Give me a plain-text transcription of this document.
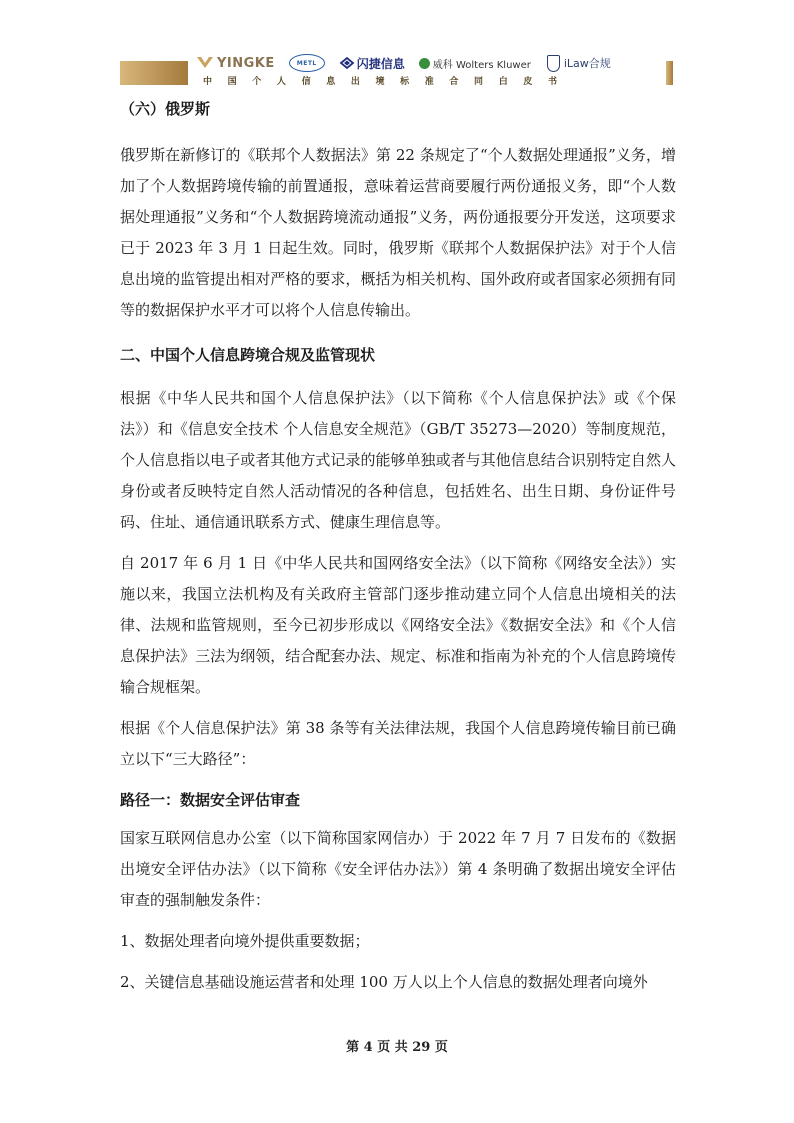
YINGKE	METL	闪捷信息	威科 Wolters Kluwer	iLaw合规
中 国 个 人 信 息 出 境 标 准 合 同 白 皮 书
（六）俄罗斯

俄罗斯在新修订的《联邦个人数据法》第 22 条规定了“个人数据处理通报”义务，增加了个人数据跨境传输的前置通报，意味着运营商要履行两份通报义务，即“个人数据处理通报”义务和“个人数据跨境流动通报”义务，两份通报要分开发送，这项要求已于 2023 年 3 月 1 日起生效。同时，俄罗斯《联邦个人数据保护法》对于个人信息出境的监管提出相对严格的要求，概括为相关机构、国外政府或者国家必须拥有同等的数据保护水平才可以将个人信息传输出。

二、中国个人信息跨境合规及监管现状

根据《中华人民共和国个人信息保护法》（以下简称《个人信息保护法》或《个保法》）和《信息安全技术 个人信息安全规范》（GB/T 35273—2020）等制度规范，个人信息指以电子或者其他方式记录的能够单独或者与其他信息结合识别特定自然人身份或者反映特定自然人活动情况的各种信息，包括姓名、出生日期、身份证件号码、住址、通信通讯联系方式、健康生理信息等。

自 2017 年 6 月 1 日《中华人民共和国网络安全法》（以下简称《网络安全法》）实施以来，我国立法机构及有关政府主管部门逐步推动建立同个人信息出境相关的法律、法规和监管规则，至今已初步形成以《网络安全法》《数据安全法》和《个人信息保护法》三法为纲领，结合配套办法、规定、标准和指南为补充的个人信息跨境传输合规框架。

根据《个人信息保护法》第 38 条等有关法律法规，我国个人信息跨境传输目前已确立以下“三大路径”：

路径一：数据安全评估审查

国家互联网信息办公室（以下简称国家网信办）于 2022 年 7 月 7 日发布的《数据出境安全评估办法》（以下简称《安全评估办法》）第 4 条明确了数据出境安全评估审查的强制触发条件：

1、数据处理者向境外提供重要数据；

2、关键信息基础设施运营者和处理 100 万人以上个人信息的数据处理者向境外

第 4 页 共 29 页
